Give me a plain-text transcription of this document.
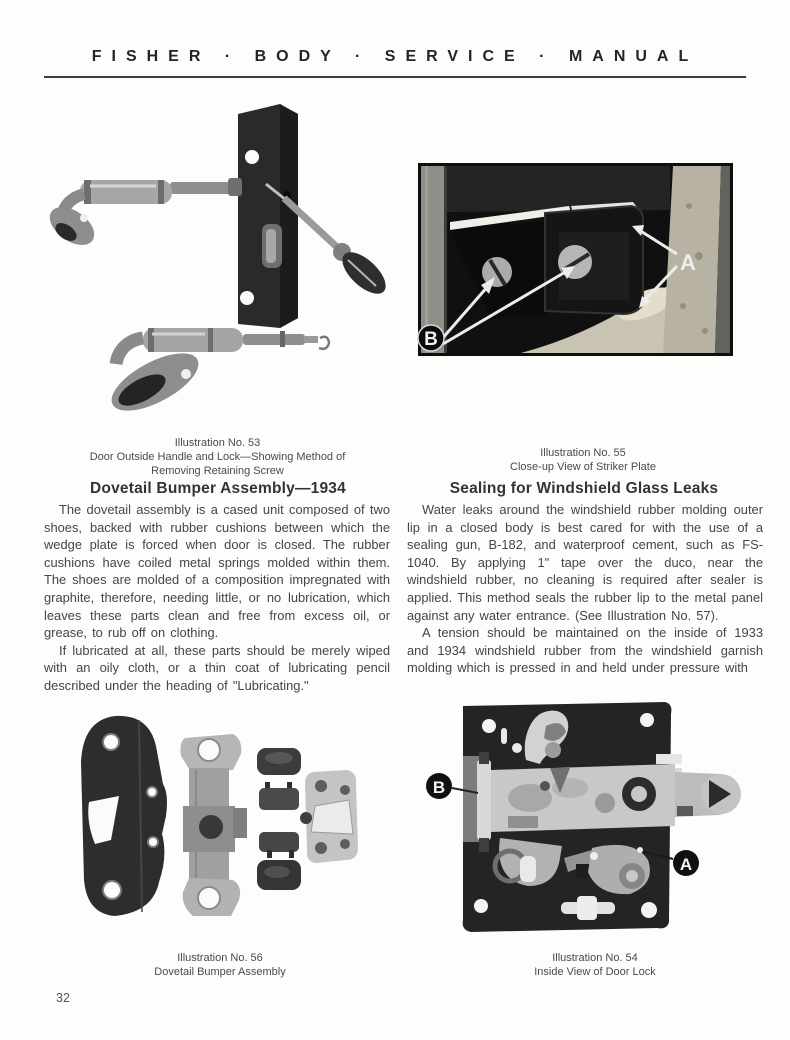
FISHER · BODY · SERVICE · MANUAL
A
B
Illustration No. 53
Door Outside Handle and Lock—Showing Method of
Removing Retaining Screw
Illustration No. 55
Close-up View of Striker Plate
Dovetail Bumper Assembly—1934

The dovetail assembly is a cased unit composed of two shoes, backed with rubber cushions between which the wedge plate is forced when door is closed. The rubber cushions have coiled metal springs molded within them. The shoes are molded of a composition impregnated with graphite, therefore, needing little, or no lubrication, which leaves these parts clean and free from excess oil, or grease, to rub off on clothing.

If lubricated at all, these parts should be merely wiped with an oily cloth, or a thin coat of lubricating pencil described under the heading of "Lubricating."

Sealing for Windshield Glass Leaks

Water leaks around the windshield rubber molding outer lip in a closed body is best cared for with the use of a sealing gun, B-182, and waterproof cement, such as FS-1040. By applying 1" tape over the duco, near the windshield rubber, no cleaning is required after sealer is applied. This method seals the rubber lip to the metal panel against any water entrance. (See Illustration No. 57).

A tension should be maintained on the inside of 1933 and 1934 windshield rubber from the windshield garnish molding which is pressed in and held under pressure with

B
A
Illustration No. 56
Dovetail Bumper Assembly
Illustration No. 54
Inside View of Door Lock
32
